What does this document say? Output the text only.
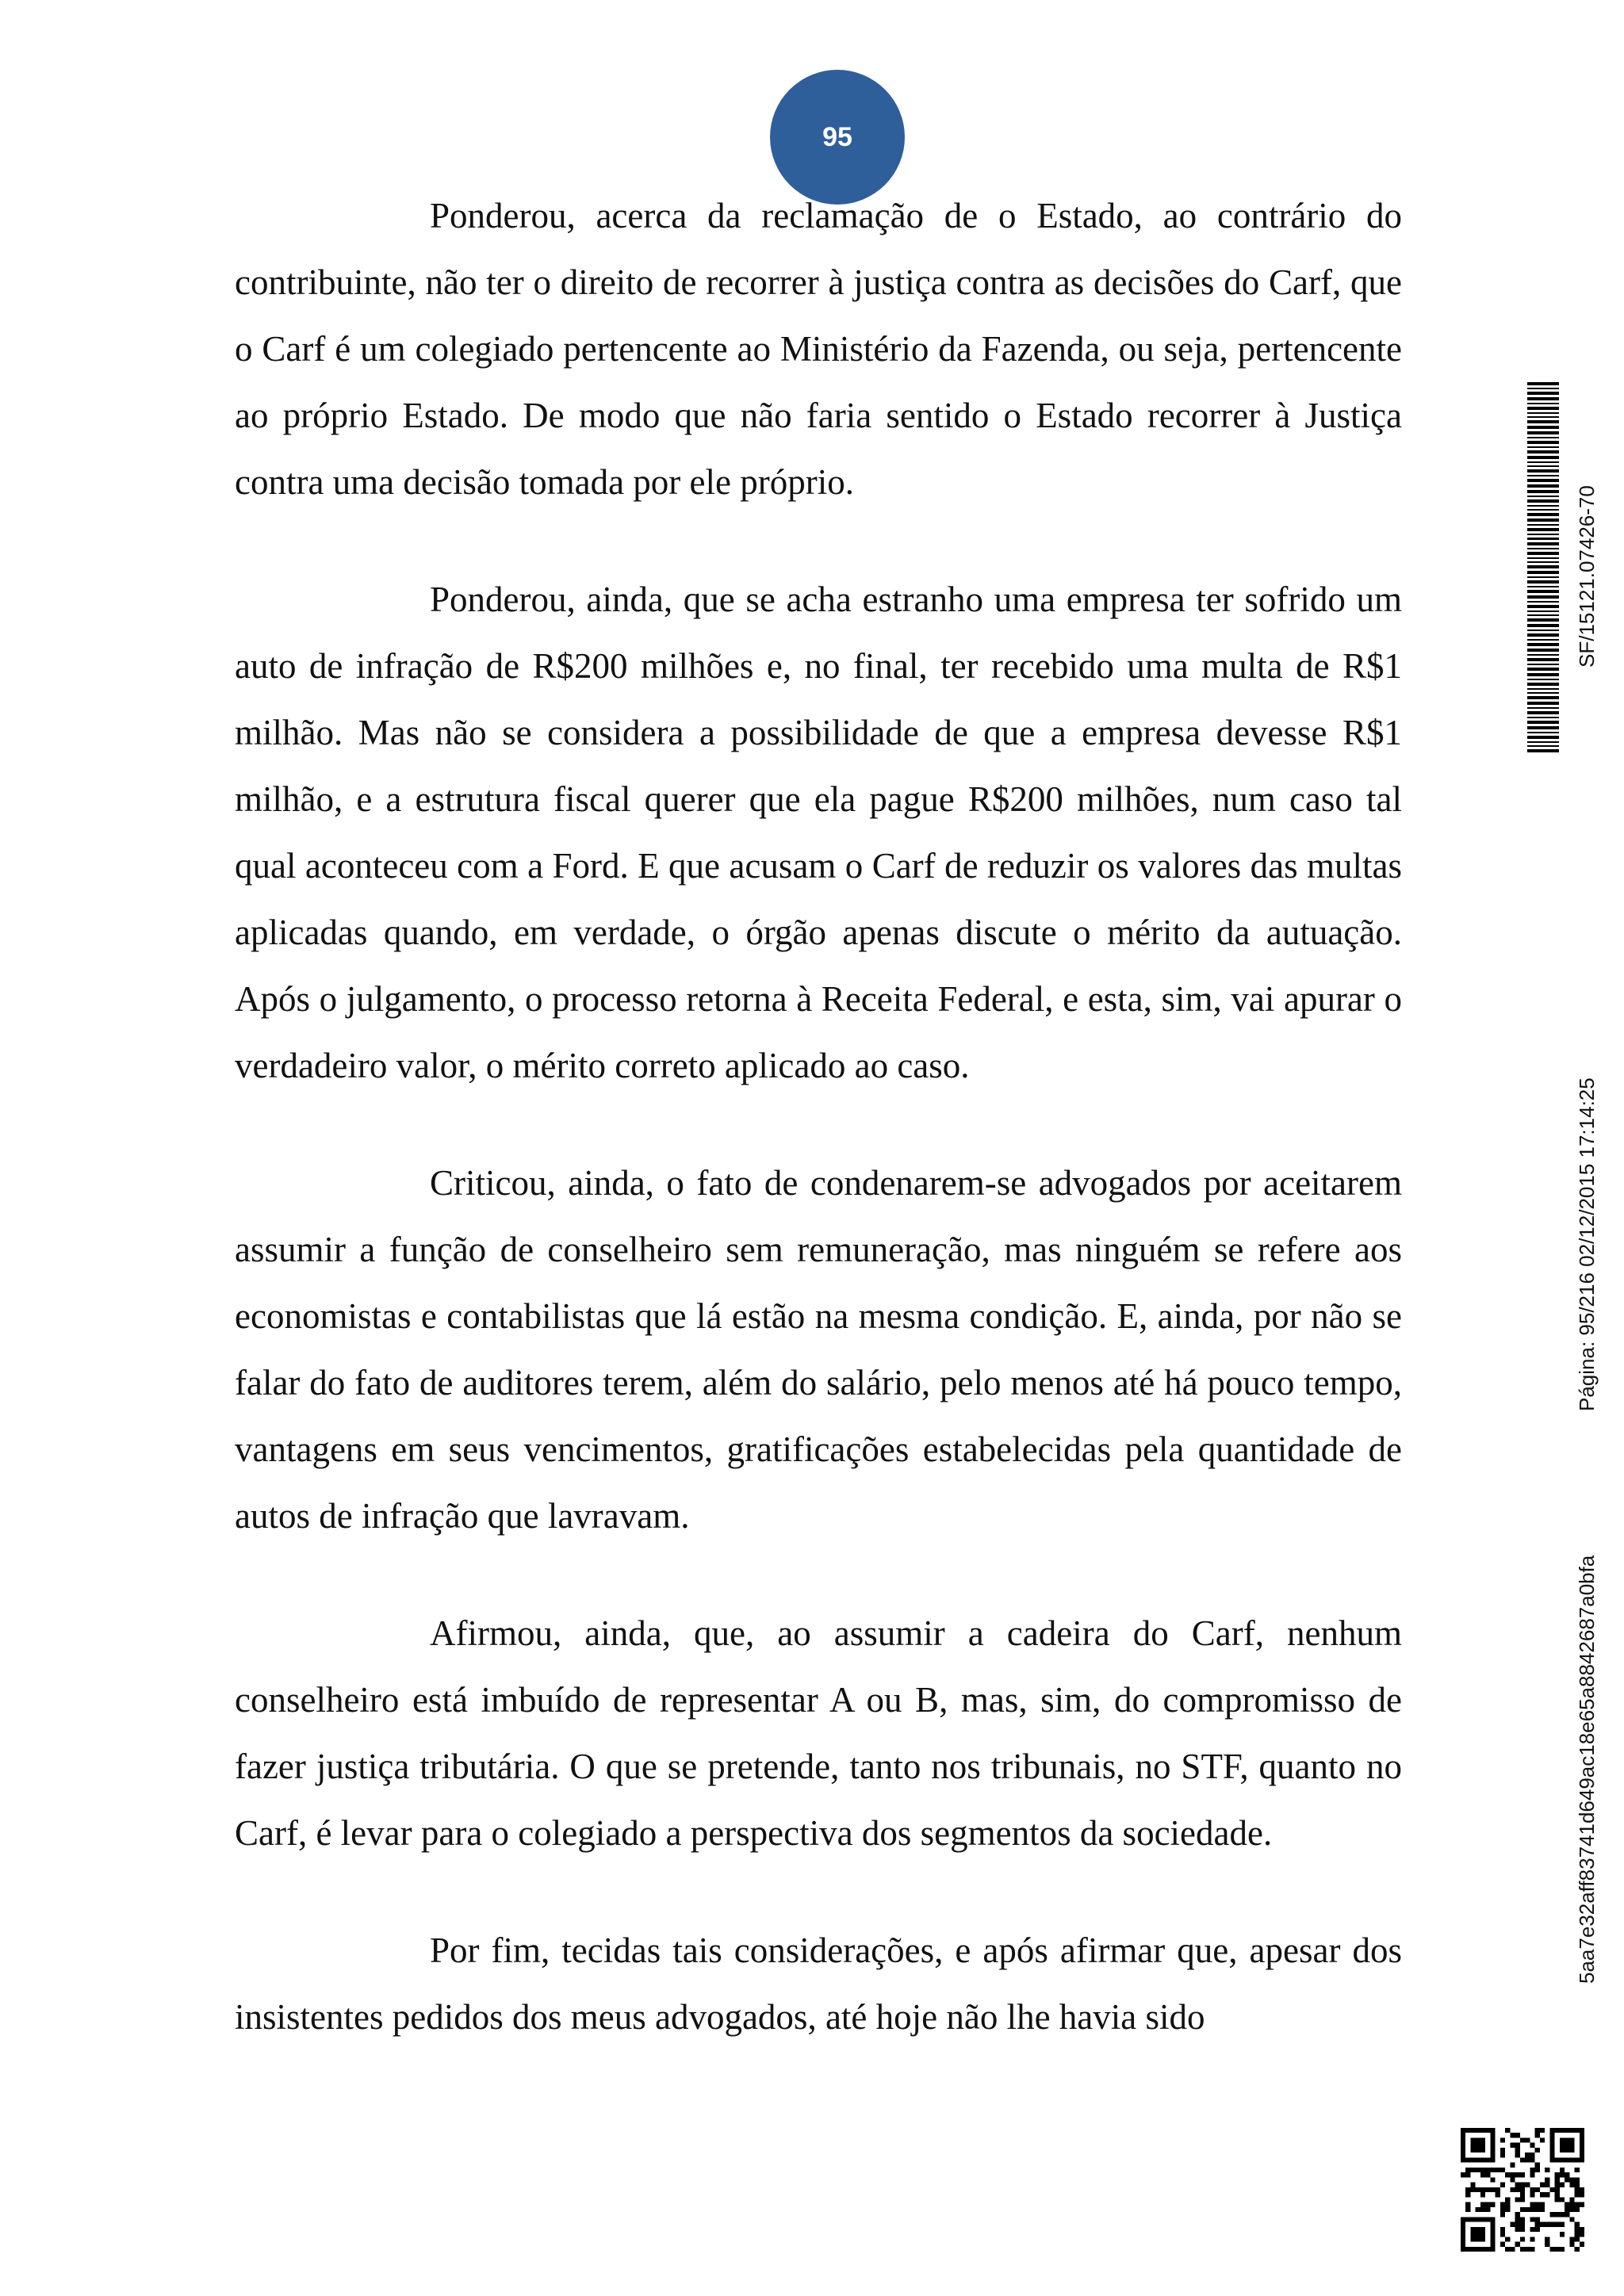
95

Ponderou, acerca da reclamação de o Estado, ao contrário do contribuinte, não ter o direito de recorrer à justiça contra as decisões do Carf, que o Carf é um colegiado pertencente ao Ministério da Fazenda, ou seja, pertencente ao próprio Estado. De modo que não faria sentido o Estado recorrer à Justiça contra uma decisão tomada por ele próprio.

Ponderou, ainda, que se acha estranho uma empresa ter sofrido um auto de infração de R$200 milhões e, no final, ter recebido uma multa de R$1 milhão. Mas não se considera a possibilidade de que a empresa devesse R$1 milhão, e a estrutura fiscal querer que ela pague R$200 milhões, num caso tal qual aconteceu com a Ford. E que acusam o Carf de reduzir os valores das multas aplicadas quando, em verdade, o órgão apenas discute o mérito da autuação. Após o julgamento, o processo retorna à Receita Federal, e esta, sim, vai apurar o verdadeiro valor, o mérito correto aplicado ao caso.

Criticou, ainda, o fato de condenarem-se advogados por aceitarem assumir a função de conselheiro sem remuneração, mas ninguém se refere aos economistas e contabilistas que lá estão na mesma condição. E, ainda, por não se falar do fato de auditores terem, além do salário, pelo menos até há pouco tempo, vantagens em seus vencimentos, gratificações estabelecidas pela quantidade de autos de infração que lavravam.

Afirmou, ainda, que, ao assumir a cadeira do Carf, nenhum conselheiro está imbuído de representar A ou B, mas, sim, do compromisso de fazer justiça tributária. O que se pretende, tanto nos tribunais, no STF, quanto no Carf, é levar para o colegiado a perspectiva dos segmentos da sociedade.

Por fim, tecidas tais considerações, e após afirmar que, apesar dos insistentes pedidos dos meus advogados, até hoje não lhe havia sido

SF/15121.07426-70
Página: 95/216 02/12/2015 17:14:25
5aa7e32aff83741d649ac18e65a8842687a0bfa
